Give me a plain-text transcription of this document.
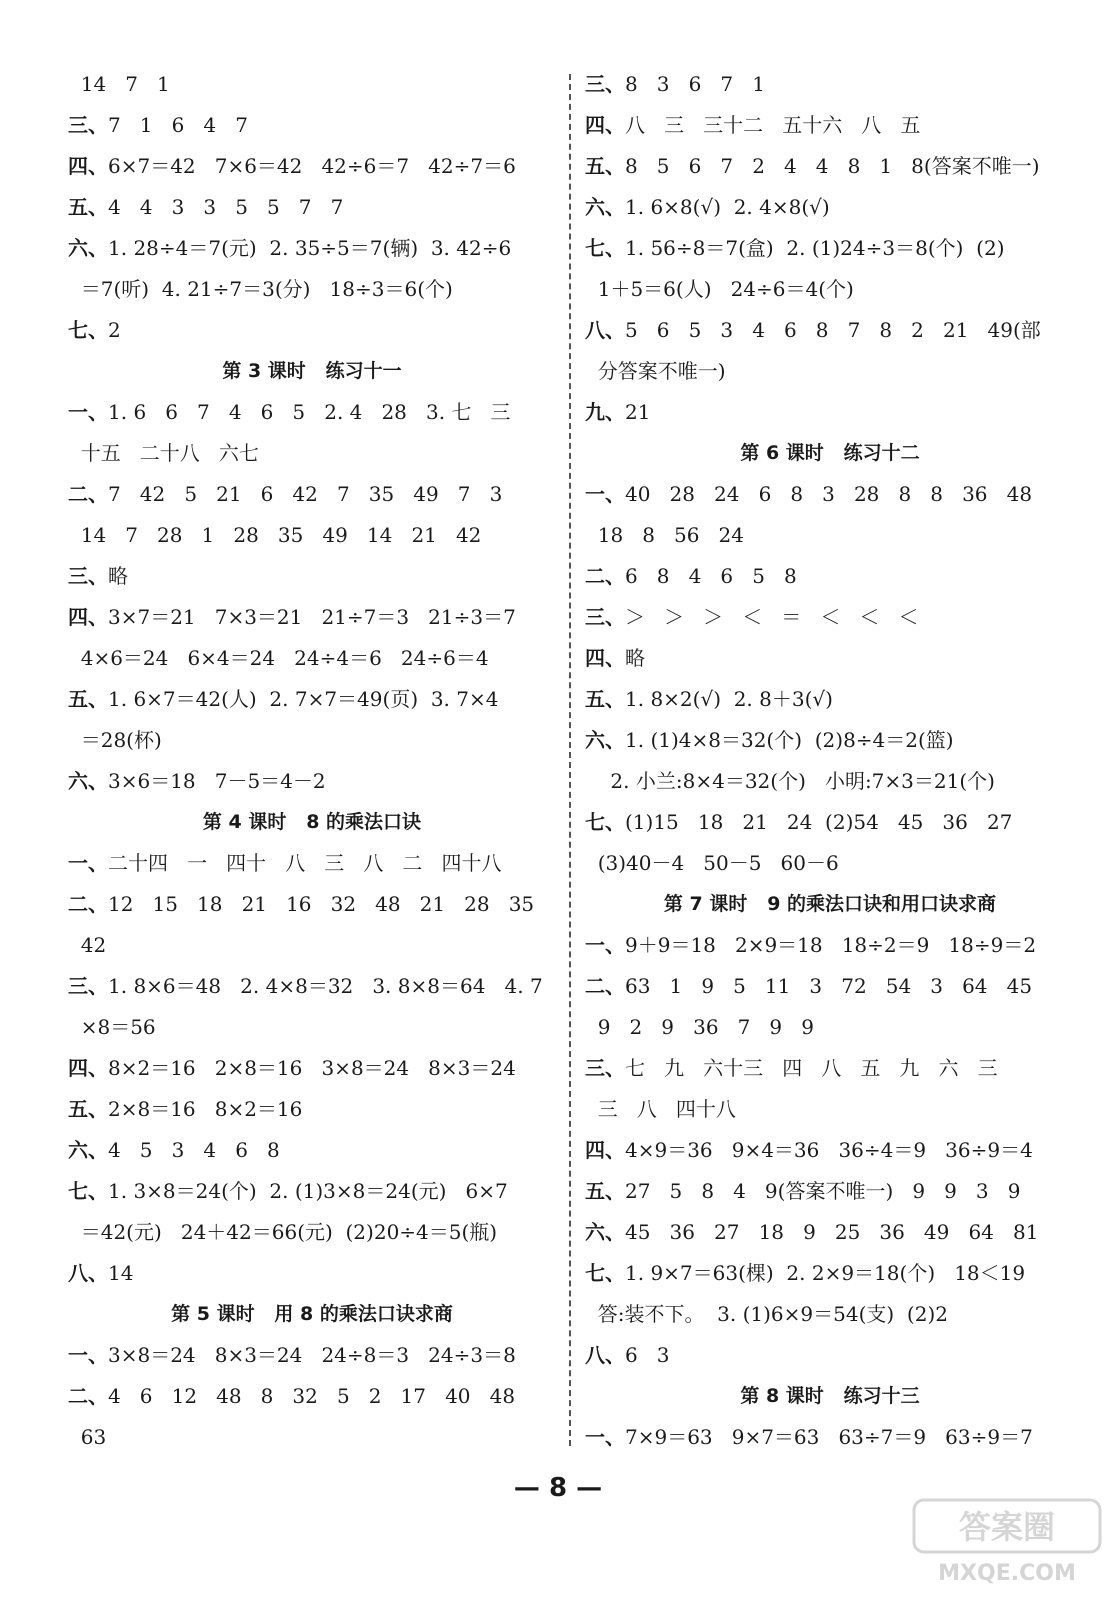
14   7   1
三、7   1   6   4   7
四、6×7＝42   7×6＝42   42÷6＝7   42÷7＝6
五、4   4   3   3   5   5   7   7
六、1. 28÷4＝7(元)  2. 35÷5＝7(辆)  3. 42÷6
＝7(听)  4. 21÷7＝3(分)   18÷3＝6(个)
七、2
第 3 课时   练习十一
一、1. 6   6   7   4   6   5   2. 4   28   3. 七   三
十五   二十八   六七
二、7   42   5   21   6   42   7   35   49   7   3
14   7   28   1   28   35   49   14   21   42
三、略
四、3×7＝21   7×3＝21   21÷7＝3   21÷3＝7
4×6＝24   6×4＝24   24÷4＝6   24÷6＝4
五、1. 6×7＝42(人)  2. 7×7＝49(页)  3. 7×4
＝28(杯)
六、3×6＝18   7－5＝4－2
第 4 课时   8 的乘法口诀
一、二十四   一   四十   八   三   八   二   四十八
二、12   15   18   21   16   32   48   21   28   35
42
三、1. 8×6＝48   2. 4×8＝32   3. 8×8＝64   4. 7
×8＝56
四、8×2＝16   2×8＝16   3×8＝24   8×3＝24
五、2×8＝16   8×2＝16
六、4   5   3   4   6   8
七、1. 3×8＝24(个)  2. (1)3×8＝24(元)   6×7
＝42(元)   24＋42＝66(元)  (2)20÷4＝5(瓶)
八、14
第 5 课时   用 8 的乘法口诀求商
一、3×8＝24   8×3＝24   24÷8＝3   24÷3＝8
二、4   6   12   48   8   32   5   2   17   40   48
63
三、8   3   6   7   1
四、八   三   三十二   五十六   八   五
五、8   5   6   7   2   4   4   8   1   8(答案不唯一)
六、1. 6×8(√)  2. 4×8(√)
七、1. 56÷8＝7(盒)  2. (1)24÷3＝8(个)  (2)
1＋5＝6(人)   24÷6＝4(个)
八、5   6   5   3   4   6   8   7   8   2   21   49(部
分答案不唯一)
九、21
第 6 课时   练习十二
一、40   28   24   6   8   3   28   8   8   36   48
18   8   56   24
二、6   8   4   6   5   8
三、＞   ＞   ＞   ＜   ＝   ＜   ＜   ＜
四、略
五、1. 8×2(√)  2. 8＋3(√)
六、1. (1)4×8＝32(个)  (2)8÷4＝2(篮)
2. 小兰:8×4＝32(个)   小明:7×3＝21(个)
七、(1)15   18   21   24  (2)54   45   36   27
(3)40－4   50－5   60－6
第 7 课时   9 的乘法口诀和用口诀求商
一、9＋9＝18   2×9＝18   18÷2＝9   18÷9＝2
二、63   1   9   5   11   3   72   54   3   64   45
9   2   9   36   7   9   9
三、七   九   六十三   四   八   五   九   六   三
三   八   四十八
四、4×9＝36   9×4＝36   36÷4＝9   36÷9＝4
五、27   5   8   4   9(答案不唯一)   9   9   3   9
六、45   36   27   18   9   25   36   49   64   81
七、1. 9×7＝63(棵)  2. 2×9＝18(个)   18＜19
答:装不下。  3. (1)6×9＝54(支)  (2)2
八、6   3
第 8 课时   练习十三
一、7×9＝63   9×7＝63   63÷7＝9   63÷9＝7
— 8 —
答案圈
MXQE.COM
